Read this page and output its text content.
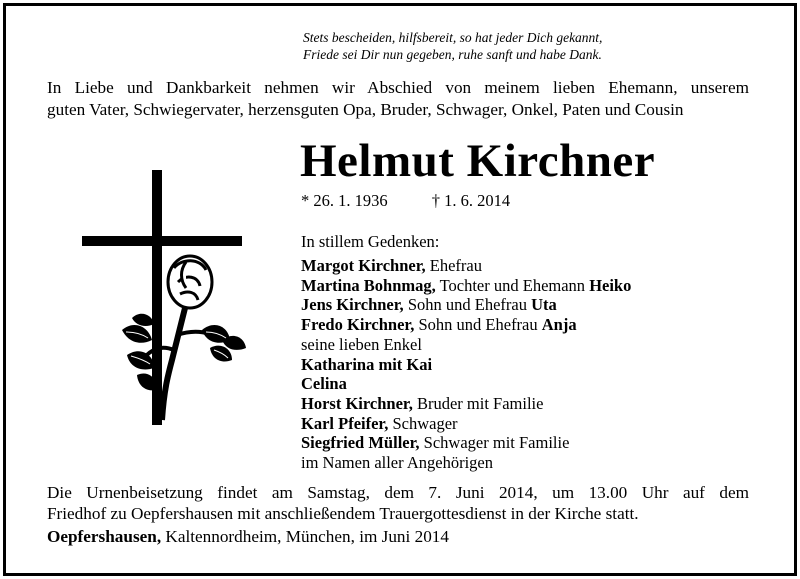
Stets bescheiden, hilfsbereit, so hat jeder Dich gekannt,
Friede sei Dir nun gegeben, ruhe sanft und habe Dank.
In Liebe und Dankbarkeit nehmen wir Abschied von meinem lieben Ehemann, unserem
guten Vater, Schwiegervater, herzensguten Opa, Bruder, Schwager, Onkel, Paten und Cousin
Helmut Kirchner
* 26. 1. 1936	† 1. 6. 2014
In stillem Gedenken:
Margot Kirchner, Ehefrau
Martina Bohnmag, Tochter und Ehemann Heiko
Jens Kirchner, Sohn und Ehefrau Uta
Fredo Kirchner, Sohn und Ehefrau Anja
seine lieben Enkel
Katharina mit Kai
Celina
Horst Kirchner, Bruder mit Familie
Karl Pfeifer, Schwager
Siegfried Müller, Schwager mit Familie
im Namen aller Angehörigen
Die Urnenbeisetzung findet am Samstag, dem 7. Juni 2014, um 13.00 Uhr auf dem
Friedhof zu Oepfershausen mit anschließendem Trauergottesdienst in der Kirche statt.
Oepfershausen, Kaltennordheim, München, im Juni 2014
